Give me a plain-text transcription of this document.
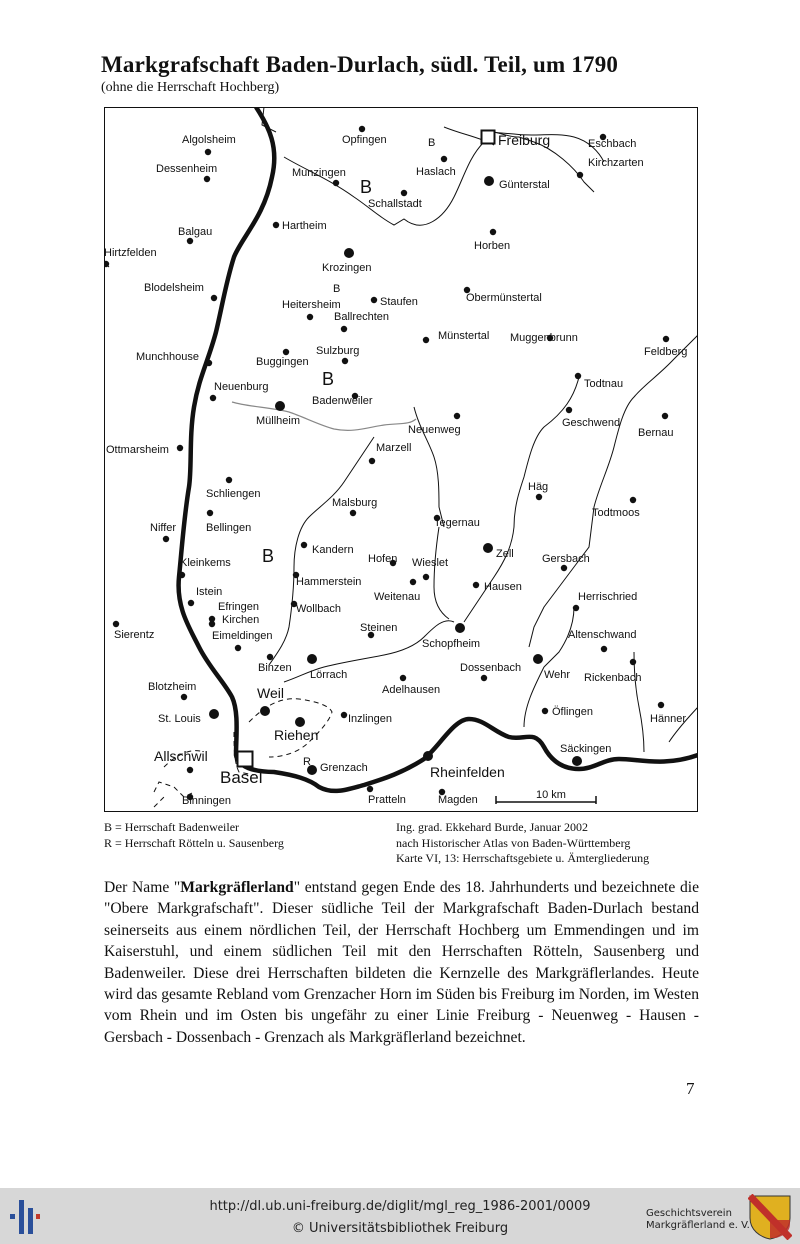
Markgrafschaft Baden-Durlach, südl. Teil, um 1790
(ohne die Herrschaft Hochberg)
10 km
Algolsheim	Opfingen	B	Freiburg	Eschbach
Dessenheim	Munzingen	Haslach
Kirchzarten
Günterstal
Schallstadt
Hartheim
Balgau
Hirtzfelden
Horben
Krozingen
Blodelsheim
Heitersheim	Staufen	Obermünstertal
Ballrechten
Münstertal Muggenbrunn
Feldberg
Munchhouse	Sulzburg
Buggingen
Neuenburg	Todtnau
Badenweiler
Müllheim
Neuenweg
Geschwend
Bernau
Ottmarsheim	Marzell
Häg
Schliengen
Malsburg
Todtmoos
Niffer	Bellingen	Tegernau
Kandern	Zell	Gersbach
Kleinkems	Hofen Wieslet
Hammerstein
Weitenau
Hausen
Istein	Herrischried
Efringen
Kirchen
Wollbach
Sierentz	Eimeldingen
Steinen
Schopfheim
Altenschwand
Binzen
Lörrach
Dossenbach
Wehr Rickenbach
Blotzheim	Weil	Adelhausen
St. Louis	Inzlingen
Öflingen
Hänner
Riehen
Allschwil	Säckingen
Basel	Grenzach	Rheinfelden
Binningen	Pratteln	Magden
B
B
B
B
R
B = Herrschaft Badenweiler
R = Herrschaft Rötteln u. Sausenberg
Ing. grad. Ekkehard Burde, Januar 2002
nach Historischer Atlas von Baden-Württemberg
Karte VI, 13: Herrschaftsgebiete u. Ämtergliederung

Der Name "Markgräflerland" entstand gegen Ende des 18. Jahrhunderts und bezeichnete die "Obere Markgrafschaft". Dieser südliche Teil der Markgrafschaft Baden-Durlach bestand seinerseits aus einem nördlichen Teil, der Herrschaft Hochberg um Emmendingen und im Kaiserstuhl, und einem südlichen Teil mit den Herrschaften Rötteln, Sausenberg und Badenweiler. Diese drei Herrschaften bildeten die Kernzelle des Markgräflerlandes. Heute wird das gesamte Rebland vom Grenzacher Horn im Süden bis Freiburg im Norden, im Westen vom Rhein und im Osten bis ungefähr zu einer Linie Freiburg - Neuenweg - Hausen - Gersbach - Dossenbach - Grenzach als Markgräflerland bezeichnet.

7
http://dl.ub.uni-freiburg.de/diglit/mgl_reg_1986-2001/0009
© Universitätsbibliothek Freiburg
Geschichtsverein
Markgräflerland e. V.
